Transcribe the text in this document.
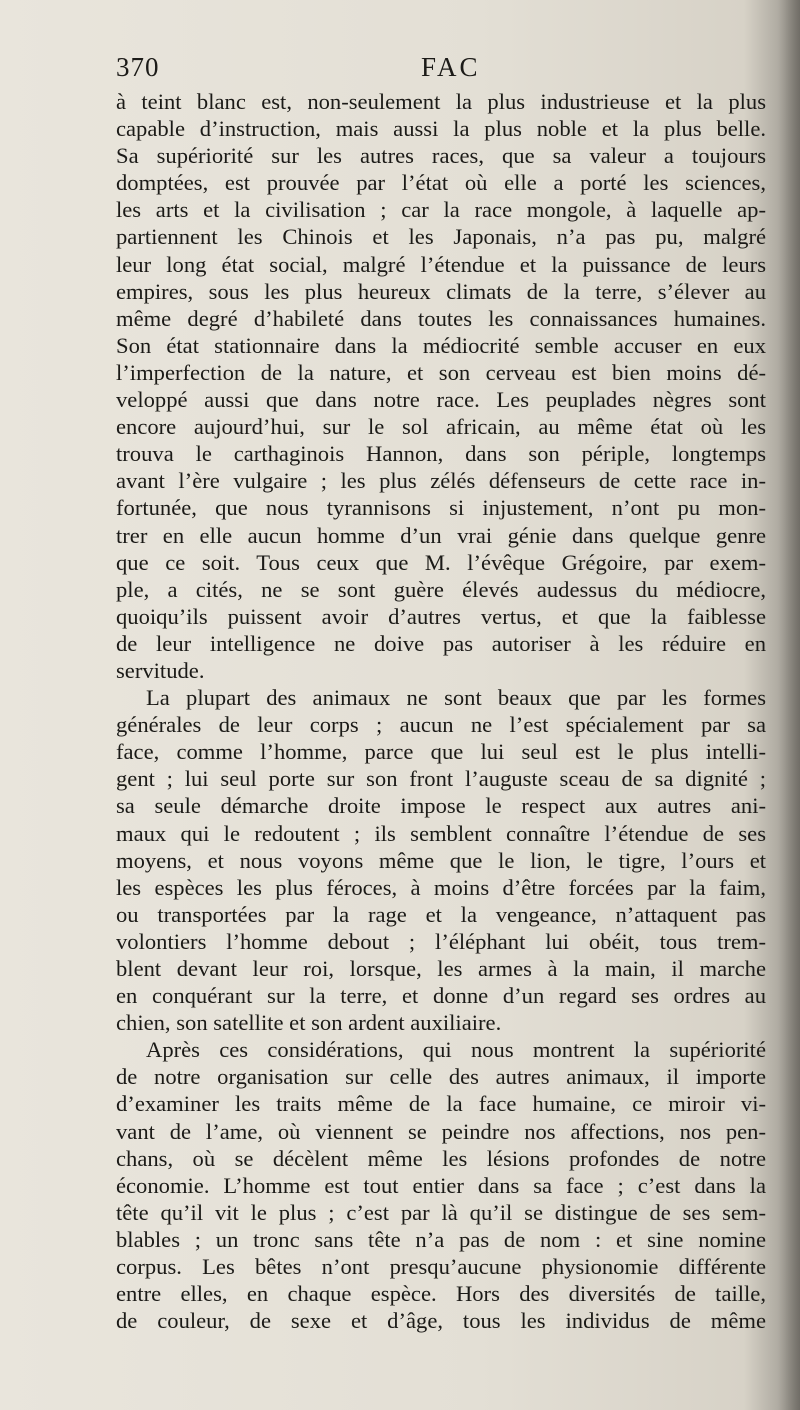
370	FAC
à teint blanc est, non-seulement la plus industrieuse et la plus
capable d’instruction, mais aussi la plus noble et la plus belle.
Sa supériorité sur les autres races, que sa valeur a toujours
domptées, est prouvée par l’état où elle a porté les sciences,
les arts et la civilisation ; car la race mongole, à laquelle ap-
partiennent les Chinois et les Japonais, n’a pas pu, malgré
leur long état social, malgré l’étendue et la puissance de leurs
empires, sous les plus heureux climats de la terre, s’élever au
même degré d’habileté dans toutes les connaissances humaines.
Son état stationnaire dans la médiocrité semble accuser en eux
l’imperfection de la nature, et son cerveau est bien moins dé-
veloppé aussi que dans notre race. Les peuplades nègres sont
encore aujourd’hui, sur le sol africain, au même état où les
trouva le carthaginois Hannon, dans son périple, longtemps
avant l’ère vulgaire ; les plus zélés défenseurs de cette race in-
fortunée, que nous tyrannisons si injustement, n’ont pu mon-
trer en elle aucun homme d’un vrai génie dans quelque genre
que ce soit. Tous ceux que M. l’évêque Grégoire, par exem-
ple, a cités, ne se sont guère élevés audessus du médiocre,
quoiqu’ils puissent avoir d’autres vertus, et que la faiblesse
de leur intelligence ne doive pas autoriser à les réduire en
servitude.
La plupart des animaux ne sont beaux que par les formes
générales de leur corps ; aucun ne l’est spécialement par sa
face, comme l’homme, parce que lui seul est le plus intelli-
gent ; lui seul porte sur son front l’auguste sceau de sa dignité ;
sa seule démarche droite impose le respect aux autres ani-
maux qui le redoutent ; ils semblent connaître l’étendue de ses
moyens, et nous voyons même que le lion, le tigre, l’ours et
les espèces les plus féroces, à moins d’être forcées par la faim,
ou transportées par la rage et la vengeance, n’attaquent pas
volontiers l’homme debout ; l’éléphant lui obéit, tous trem-
blent devant leur roi, lorsque, les armes à la main, il marche
en conquérant sur la terre, et donne d’un regard ses ordres au
chien, son satellite et son ardent auxiliaire.
Après ces considérations, qui nous montrent la supériorité
de notre organisation sur celle des autres animaux, il importe
d’examiner les traits même de la face humaine, ce miroir vi-
vant de l’ame, où viennent se peindre nos affections, nos pen-
chans, où se décèlent même les lésions profondes de notre
économie. L’homme est tout entier dans sa face ; c’est dans la
tête qu’il vit le plus ; c’est par là qu’il se distingue de ses sem-
blables ; un tronc sans tête n’a pas de nom : et sine nomine
corpus. Les bêtes n’ont presqu’aucune physionomie différente
entre elles, en chaque espèce. Hors des diversités de taille,
de couleur, de sexe et d’âge, tous les individus de même
